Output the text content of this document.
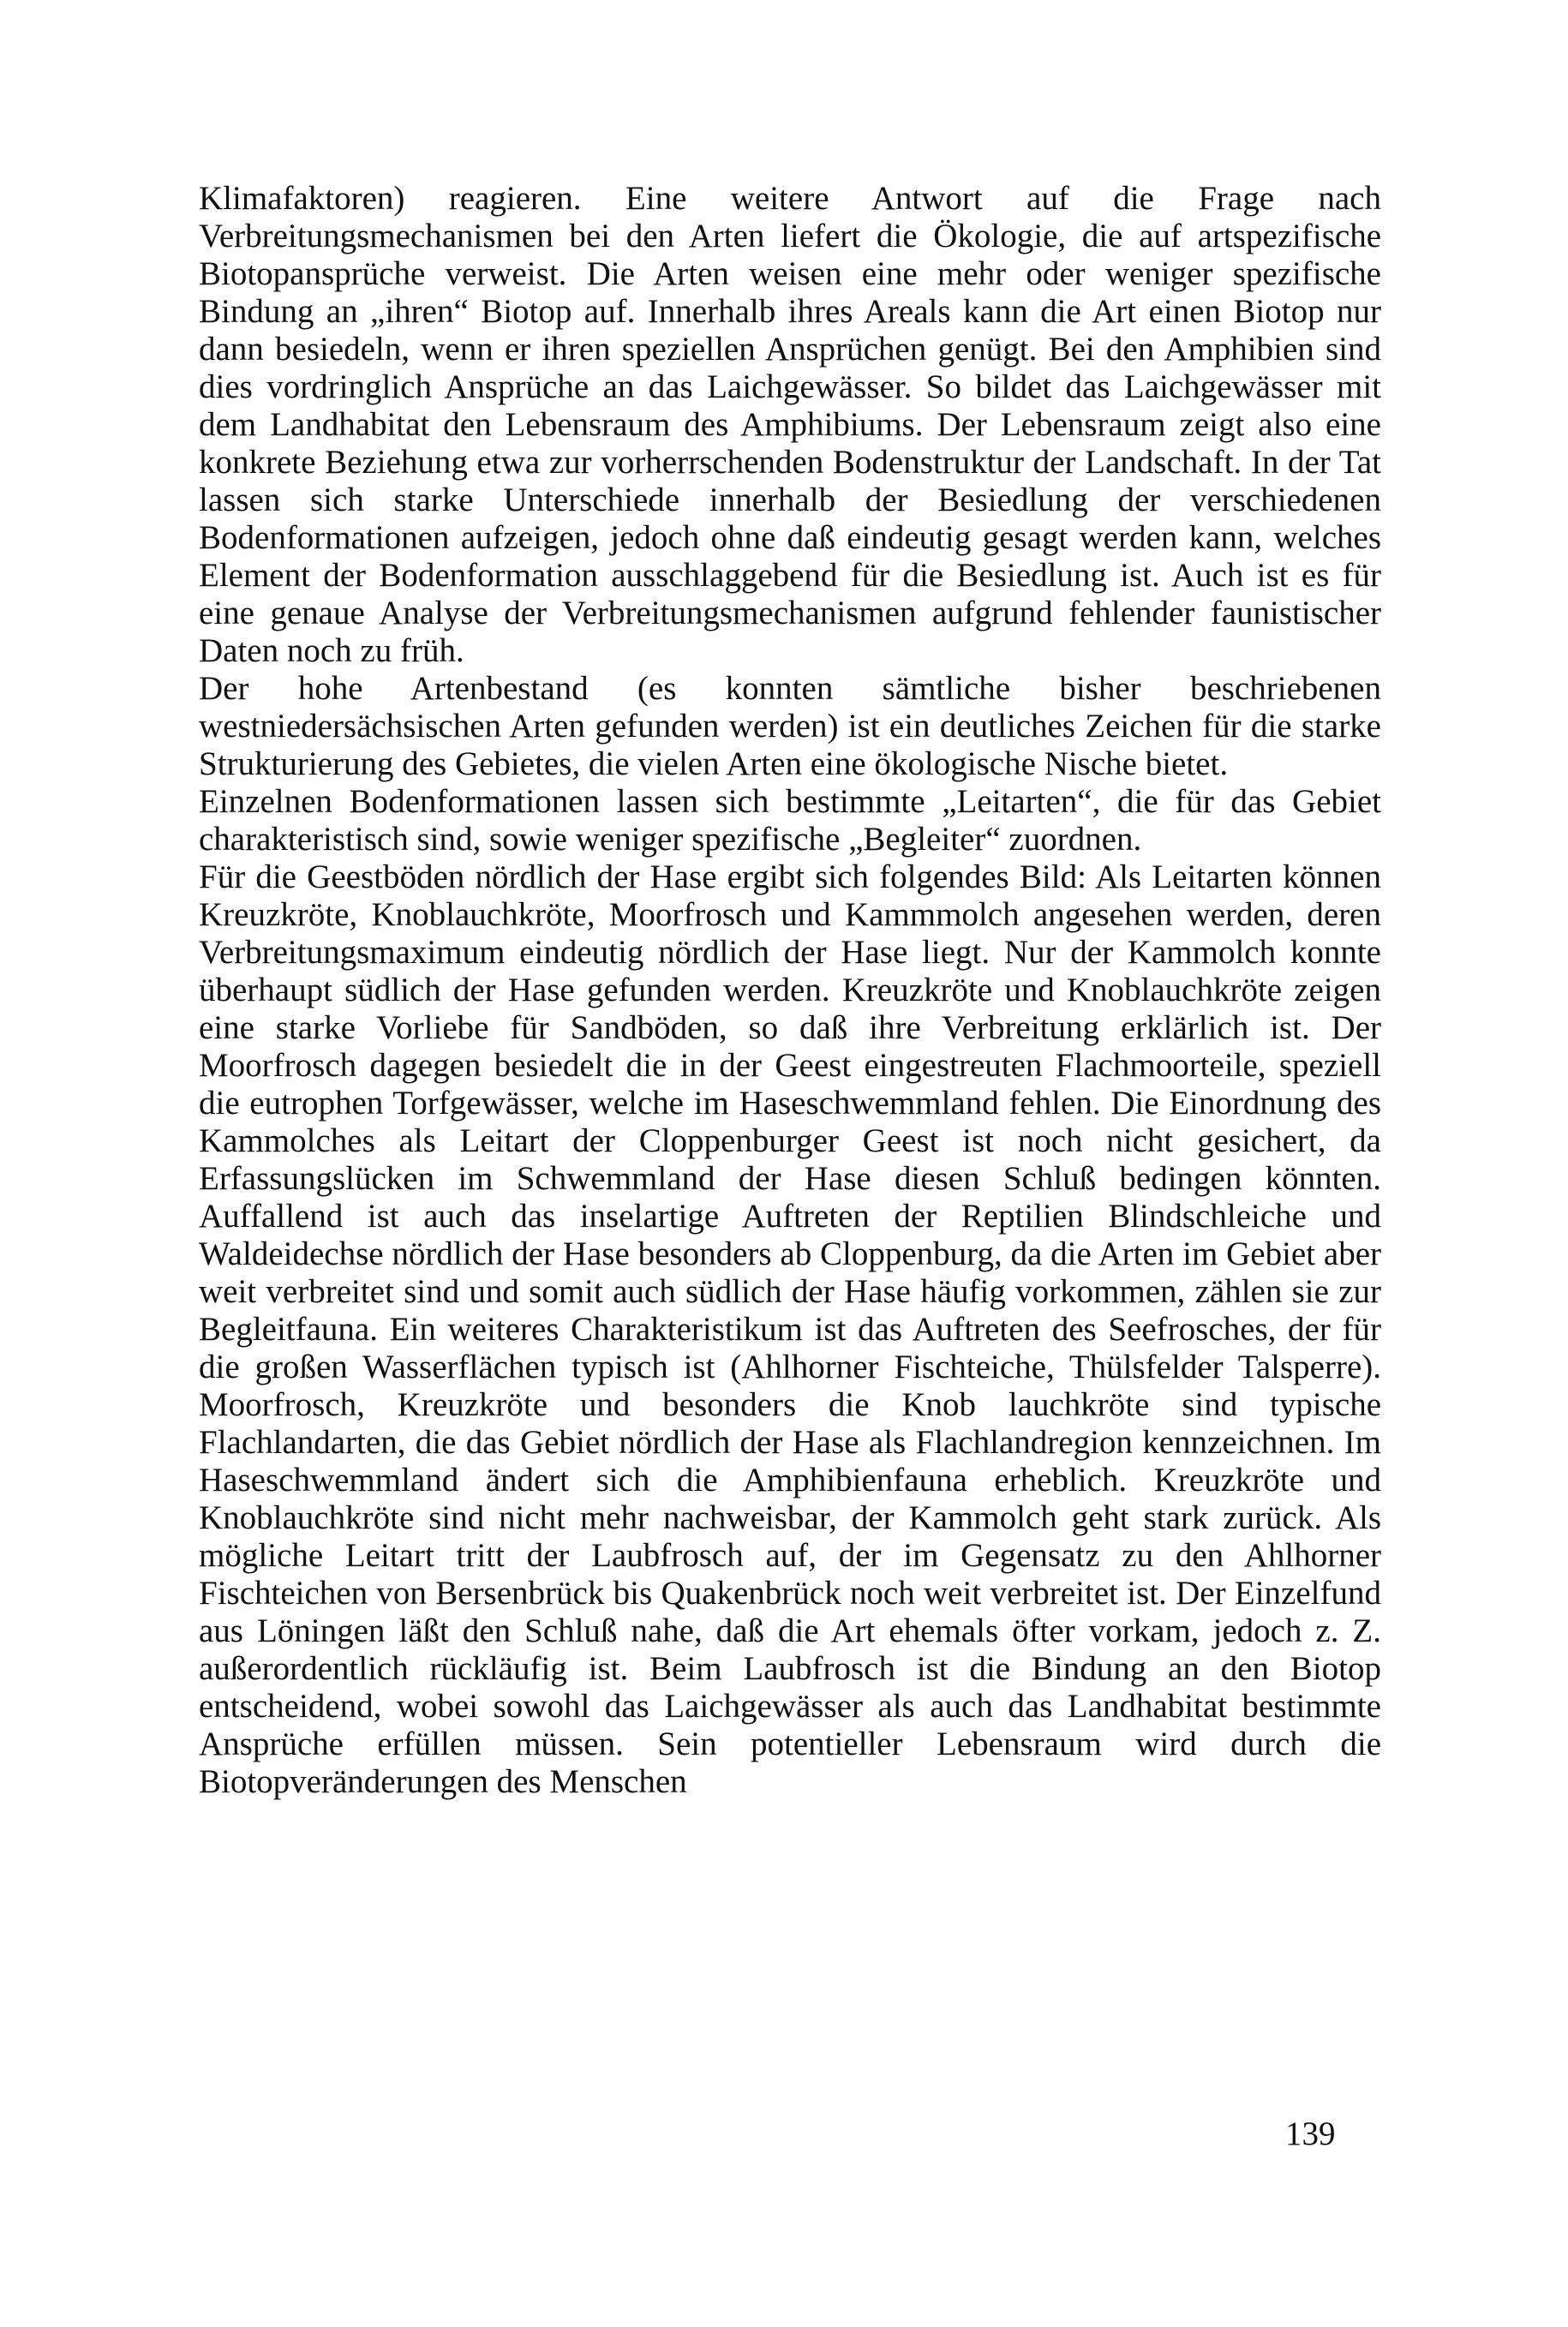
Klimafaktoren) reagieren. Eine weitere Antwort auf die Frage nach Verbreitungsmechanismen bei den Arten liefert die Ökologie, die auf artspezifische Biotopansprüche verweist. Die Arten weisen eine mehr oder weniger spezifische Bindung an „ihren“ Biotop auf. Innerhalb ihres Areals kann die Art einen Biotop nur dann besiedeln, wenn er ihren speziellen Ansprüchen genügt. Bei den Amphibien sind dies vordringlich Ansprüche an das Laichgewässer. So bildet das Laichgewässer mit dem Landhabitat den Lebensraum des Amphibiums. Der Lebensraum zeigt also eine konkrete Beziehung etwa zur vorherrschenden Bodenstruktur der Landschaft. In der Tat lassen sich starke Unterschiede innerhalb der Besiedlung der verschiedenen Bodenformationen aufzeigen, jedoch ohne daß eindeutig gesagt werden kann, welches Element der Bodenformation ausschlaggebend für die Besiedlung ist. Auch ist es für eine genaue Analyse der Verbreitungsmechanismen aufgrund fehlender faunistischer Daten noch zu früh.

Der hohe Artenbestand (es konnten sämtliche bisher beschriebenen westniedersächsischen Arten gefunden werden) ist ein deutliches Zeichen für die starke Strukturierung des Gebietes, die vielen Arten eine ökologische Nische bietet.

Einzelnen Bodenformationen lassen sich bestimmte „Leitarten“, die für das Gebiet charakteristisch sind, sowie weniger spezifische „Begleiter“ zuordnen.

Für die Geestböden nördlich der Hase ergibt sich folgendes Bild: Als Leitarten können Kreuzkröte, Knoblauchkröte, Moorfrosch und Kammmolch angesehen werden, deren Verbreitungsmaximum eindeutig nördlich der Hase liegt. Nur der Kammolch konnte überhaupt südlich der Hase gefunden werden. Kreuzkröte und Knoblauchkröte zeigen eine starke Vorliebe für Sandböden, so daß ihre Verbreitung erklärlich ist. Der Moorfrosch dagegen besiedelt die in der Geest eingestreuten Flachmoorteile, speziell die eutrophen Torfgewässer, welche im Haseschwemmland fehlen. Die Einordnung des Kammolches als Leitart der Cloppenburger Geest ist noch nicht gesichert, da Erfassungslücken im Schwemmland der Hase diesen Schluß bedingen könnten. Auffallend ist auch das inselartige Auftreten der Reptilien Blindschleiche und Waldeidechse nördlich der Hase besonders ab Cloppenburg, da die Arten im Gebiet aber weit verbreitet sind und somit auch südlich der Hase häufig vorkommen, zählen sie zur Begleitfauna. Ein weiteres Charakteristikum ist das Auftreten des Seefrosches, der für die großen Wasserflächen typisch ist (Ahlhorner Fischteiche, Thülsfelder Talsperre). Moorfrosch, Kreuzkröte und besonders die Knob lauchkröte sind typische Flachlandarten, die das Gebiet nördlich der Hase als Flachlandregion kennzeichnen. Im Haseschwemmland ändert sich die Amphibienfauna erheblich. Kreuzkröte und Knoblauchkröte sind nicht mehr nachweisbar, der Kammolch geht stark zurück. Als mögliche Leitart tritt der Laubfrosch auf, der im Gegensatz zu den Ahlhorner Fischteichen von Bersenbrück bis Quakenbrück noch weit verbreitet ist. Der Einzelfund aus Löningen läßt den Schluß nahe, daß die Art ehemals öfter vorkam, jedoch z. Z. außerordentlich rückläufig ist. Beim Laubfrosch ist die Bindung an den Biotop entscheidend, wobei sowohl das Laichgewässer als auch das Landhabitat bestimmte Ansprüche erfüllen müssen. Sein potentieller Lebensraum wird durch die Biotopveränderungen des Menschen

139
